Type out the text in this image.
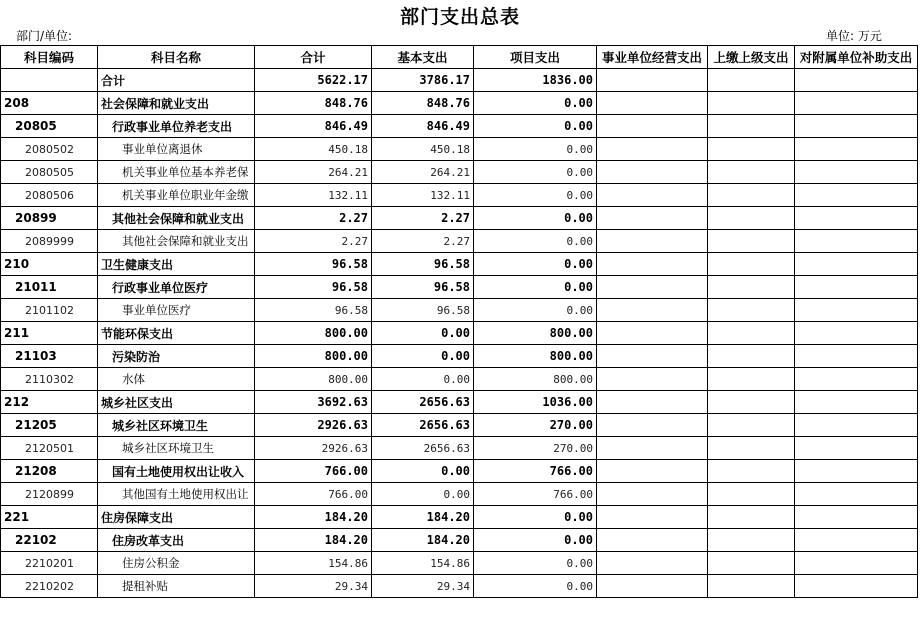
部门支出总表
部门/单位:	单位: 万元
科目编码	科目名称	合计	基本支出	项目支出	事业单位经营支出	上缴上级支出	对附属单位补助支出
	合计	5622.17	3786.17	1836.00			
208	社会保障和就业支出	848.76	848.76	0.00			
20805	行政事业单位养老支出	846.49	846.49	0.00			
2080502	事业单位离退休	450.18	450.18	0.00			
2080505	机关事业单位基本养老保	264.21	264.21	0.00			
2080506	机关事业单位职业年金缴	132.11	132.11	0.00			
20899	其他社会保障和就业支出	2.27	2.27	0.00			
2089999	其他社会保障和就业支出	2.27	2.27	0.00			
210	卫生健康支出	96.58	96.58	0.00			
21011	行政事业单位医疗	96.58	96.58	0.00			
2101102	事业单位医疗	96.58	96.58	0.00			
211	节能环保支出	800.00	0.00	800.00			
21103	污染防治	800.00	0.00	800.00			
2110302	水体	800.00	0.00	800.00			
212	城乡社区支出	3692.63	2656.63	1036.00			
21205	城乡社区环境卫生	2926.63	2656.63	270.00			
2120501	城乡社区环境卫生	2926.63	2656.63	270.00			
21208	国有土地使用权出让收入	766.00	0.00	766.00			
2120899	其他国有土地使用权出让	766.00	0.00	766.00			
221	住房保障支出	184.20	184.20	0.00			
22102	住房改革支出	184.20	184.20	0.00			
2210201	住房公积金	154.86	154.86	0.00			
2210202	提租补贴	29.34	29.34	0.00			
